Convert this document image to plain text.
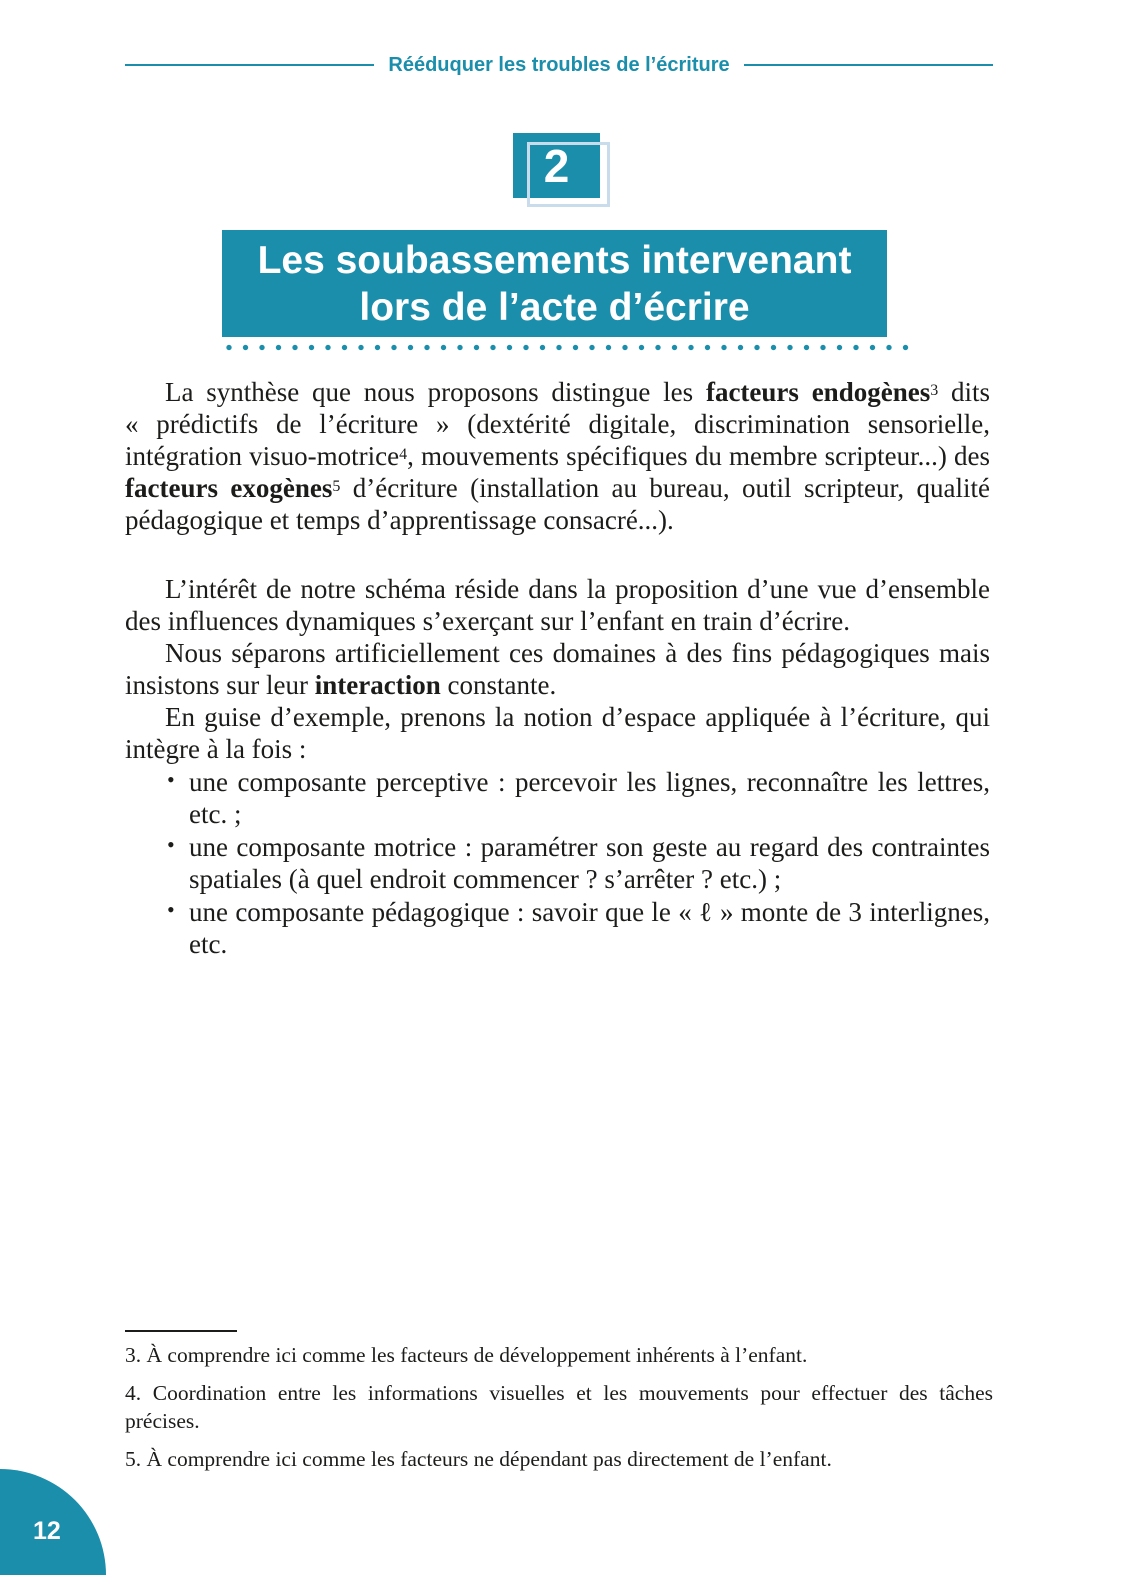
Rééduquer les troubles de l’écriture
2
Les soubassements intervenant
lors de l’acte d’écrire

La synthèse que nous proposons distingue les facteurs endogènes$^3$ dits « prédictifs de l’écriture » (dextérité digitale, discrimination sensorielle, intégration visuo-motrice$^4$, mouvements spécifiques du membre scripteur...) des facteurs exogènes$^5$ d’écriture (installation au bureau, outil scripteur, qualité pédagogique et temps d’apprentissage consacré...).

L’intérêt de notre schéma réside dans la proposition d’une vue d’ensemble des influences dynamiques s’exerçant sur l’enfant en train d’écrire.

Nous séparons artificiellement ces domaines à des fins pédagogiques mais insistons sur leur interaction constante.

En guise d’exemple, prenons la notion d’espace appliquée à l’écriture, qui intègre à la fois :

• une composante perceptive : percevoir les lignes, reconnaître les lettres, etc. ;
• une composante motrice : paramétrer son geste au regard des contraintes spatiales (à quel endroit commencer ? s’arrêter ? etc.) ;
• une composante pédagogique : savoir que le « ℓ » monte de 3 interlignes, etc.
3. À comprendre ici comme les facteurs de développement inhérents à l’enfant.
4. Coordination entre les informations visuelles et les mouvements pour effectuer des tâches précises.
5. À comprendre ici comme les facteurs ne dépendant pas directement de l’enfant.
12
